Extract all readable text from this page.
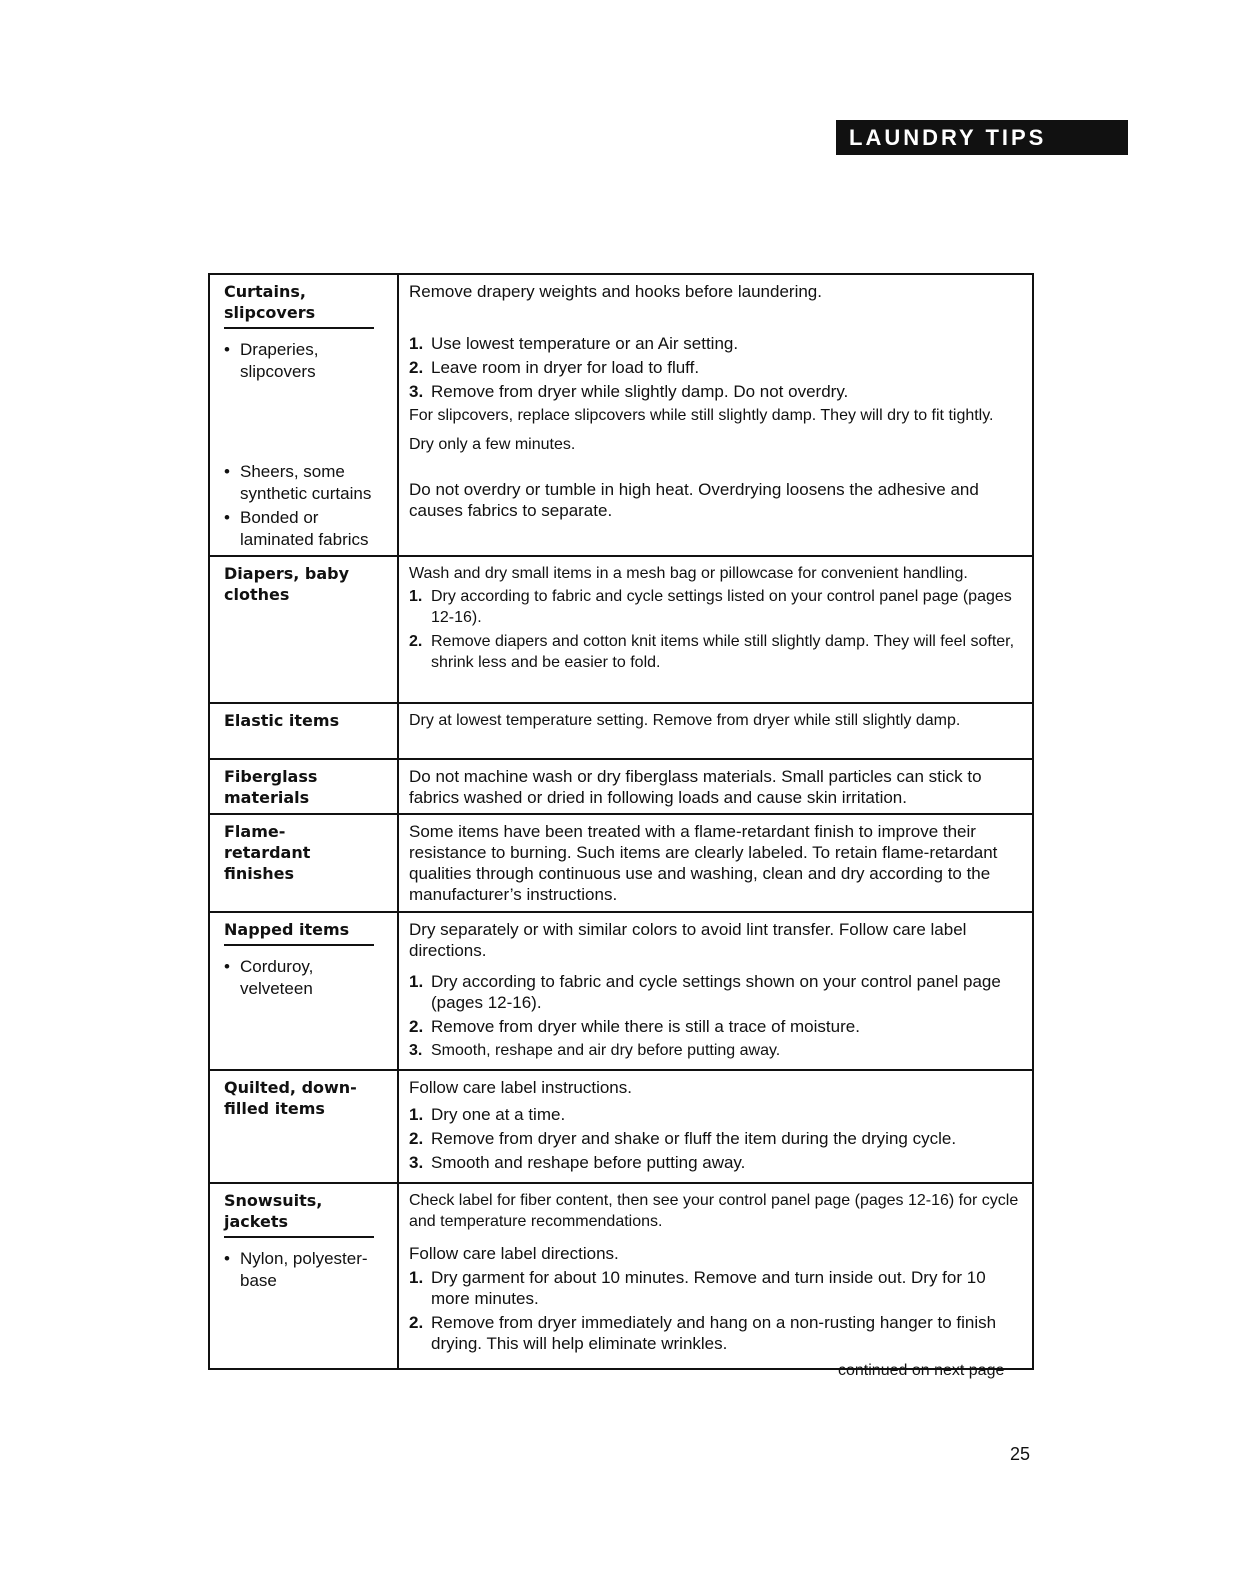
LAUNDRY TIPS
Curtains, slipcovers
• Draperies, slipcovers
• Sheers, some synthetic curtains
• Bonded or laminated fabrics
Remove drapery weights and hooks before laundering.
1. Use lowest temperature or an Air setting.
2. Leave room in dryer for load to fluff.
3. Remove from dryer while slightly damp. Do not overdry.
For slipcovers, replace slipcovers while still slightly damp. They will dry to fit tightly.
Dry only a few minutes.
Do not overdry or tumble in high heat. Overdrying loosens the adhesive and causes fabrics to separate.
Diapers, baby clothes
Wash and dry small items in a mesh bag or pillowcase for convenient handling.
1. Dry according to fabric and cycle settings listed on your control panel page (pages 12-16).
2. Remove diapers and cotton knit items while still slightly damp. They will feel softer, shrink less and be easier to fold.
Elastic items	Dry at lowest temperature setting. Remove from dryer while still slightly damp.
Fiberglass materials
Do not machine wash or dry fiberglass materials. Small particles can stick to fabrics washed or dried in following loads and cause skin irritation.
Flame-retardant finishes
Some items have been treated with a flame-retardant finish to improve their resistance to burning. Such items are clearly labeled. To retain flame-retardant qualities through continuous use and washing, clean and dry according to the manufacturer’s instructions.
Napped items
• Corduroy, velveteen
Dry separately or with similar colors to avoid lint transfer. Follow care label directions.
1. Dry according to fabric and cycle settings shown on your control panel page (pages 12-16).
2. Remove from dryer while there is still a trace of moisture.
3. Smooth, reshape and air dry before putting away.
Quilted, down-filled items
Follow care label instructions.
1. Dry one at a time.
2. Remove from dryer and shake or fluff the item during the drying cycle.
3. Smooth and reshape before putting away.
Snowsuits, jackets
• Nylon, polyester-base
Check label for fiber content, then see your control panel page (pages 12-16) for cycle and temperature recommendations.
Follow care label directions.
1. Dry garment for about 10 minutes. Remove and turn inside out. Dry for 10 more minutes.
2. Remove from dryer immediately and hang on a non-rusting hanger to finish drying. This will help eliminate wrinkles.
continued on next page
25
